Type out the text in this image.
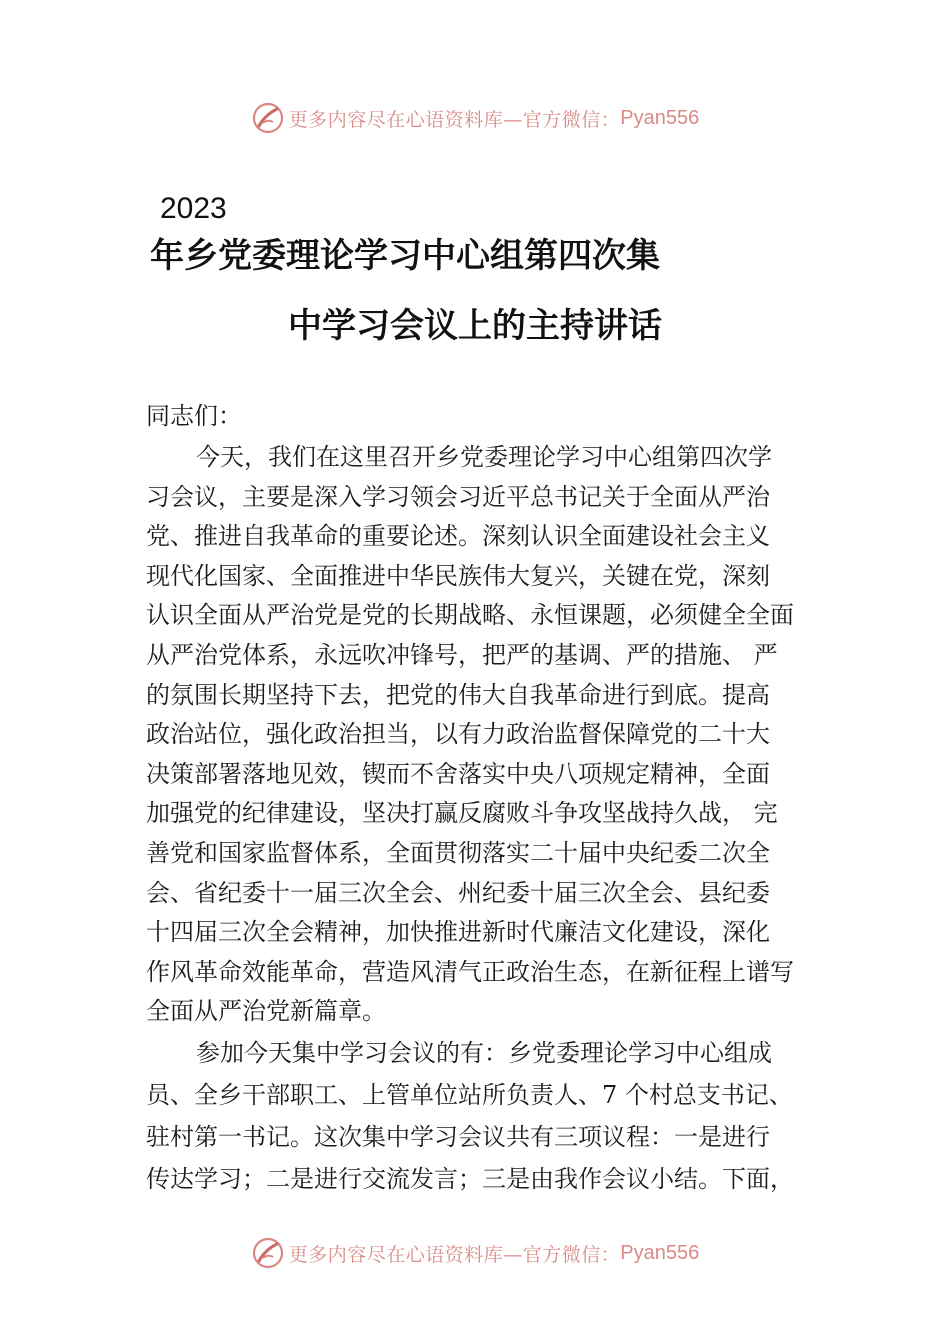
更多内容尽在心语资料库—官方微信： Pyan556
2023
年乡党委理论学习中心组第四次集
中学习会议上的主持讲话
同志们：
今天，我们在这里召开乡党委理论学习中心组第四次学
习会议，主要是深入学习领会习近平总书记关于全面从严治
党、推进自我革命的重要论述。深刻认识全面建设社会主义
现代化国家、全面推进中华民族伟大复兴，关键在党，深刻
认识全面从严治党是党的长期战略、永恒课题，必须健全全面
从严治党体系，永远吹冲锋号，把严的基调、严的措施、 严
的氛围长期坚持下去，把党的伟大自我革命进行到底。提高
政治站位，强化政治担当，以有力政治监督保障党的二十大
决策部署落地见效，锲而不舍落实中央八项规定精神，全面
加强党的纪律建设，坚决打赢反腐败斗争攻坚战持久战， 完
善党和国家监督体系，全面贯彻落实二十届中央纪委二次全
会、省纪委十一届三次全会、州纪委十届三次全会、县纪委
十四届三次全会精神，加快推进新时代廉洁文化建设，深化
作风革命效能革命，营造风清气正政治生态，在新征程上谱写
全面从严治党新篇章。
参加今天集中学习会议的有：乡党委理论学习中心组成
员、全乡干部职工、上管单位站所负责人、7 个村总支书记、
驻村第一书记。这次集中学习会议共有三项议程：一是进行
传达学习；二是进行交流发言；三是由我作会议小结。下面，
更多内容尽在心语资料库—官方微信： Pyan556
